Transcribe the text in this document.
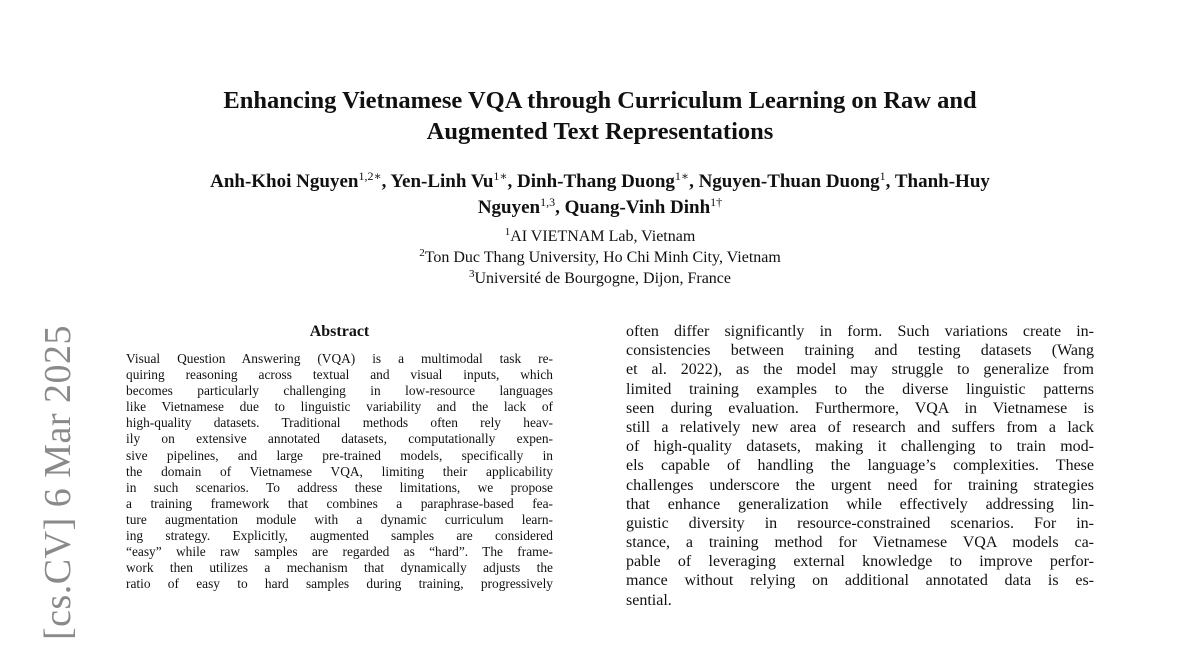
[cs.CV] 6 Mar 2025
Enhancing Vietnamese VQA through Curriculum Learning on Raw and
Augmented Text Representations
Anh-Khoi Nguyen$^{1,2∗}$, Yen-Linh $Vu^{1∗}$, Dinh-Thang Duong$^{1∗}$, Nguyen-Thuan Duong$^1$, Thanh-Huy
Nguyen$^{1,3}$, Quang-Vinh Dinh$^{1\dagger}$
$^1$AI VIETNAM Lab, Vietnam
$^2$Ton Duc Thang University, Ho Chi Minh City, Vietnam
$^3$Université de Bourgogne, Dijon, France
Abstract
Visual Question Answering (VQA) is a multimodal task re-
quiring reasoning across textual and visual inputs, which
becomes particularly challenging in low-resource languages
like Vietnamese due to linguistic variability and the lack of
high-quality datasets. Traditional methods often rely heav-
ily on extensive annotated datasets, computationally expen-
sive pipelines, and large pre-trained models, specifically in
the domain of Vietnamese VQA, limiting their applicability
in such scenarios. To address these limitations, we propose
a training framework that combines a paraphrase-based fea-
ture augmentation module with a dynamic curriculum learn-
ing strategy. Explicitly, augmented samples are considered
“easy” while raw samples are regarded as “hard”. The frame-
work then utilizes a mechanism that dynamically adjusts the
ratio of easy to hard samples during training, progressively
often differ significantly in form. Such variations create in-
consistencies between training and testing datasets (Wang
et al. 2022), as the model may struggle to generalize from
limited training examples to the diverse linguistic patterns
seen during evaluation. Furthermore, VQA in Vietnamese is
still a relatively new area of research and suffers from a lack
of high-quality datasets, making it challenging to train mod-
els capable of handling the language’s complexities. These
challenges underscore the urgent need for training strategies
that enhance generalization while effectively addressing lin-
guistic diversity in resource-constrained scenarios. For in-
stance, a training method for Vietnamese VQA models ca-
pable of leveraging external knowledge to improve perfor-
mance without relying on additional annotated data is es-
sential.
